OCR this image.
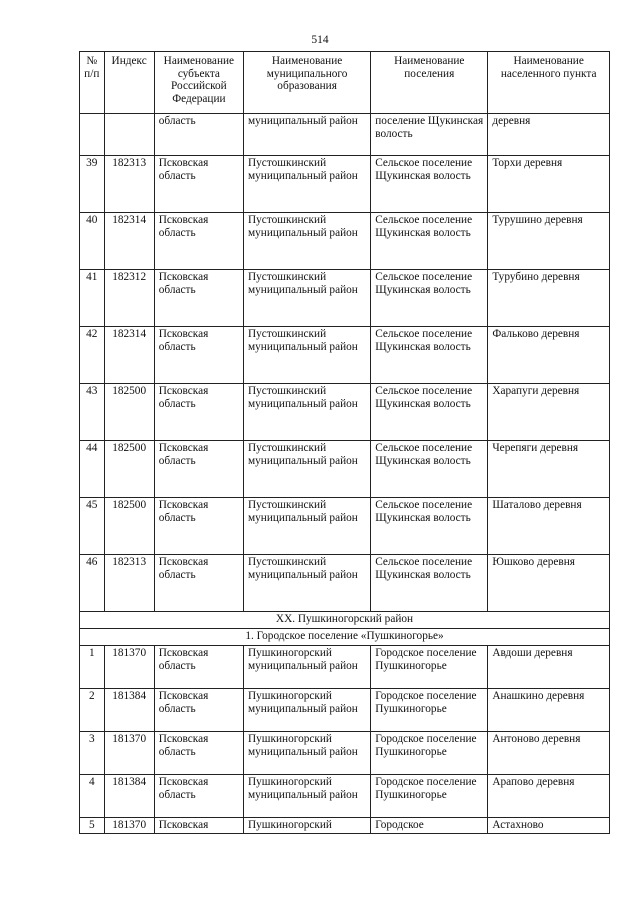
514
№ п/п	Индекс	Наименование субъекта Российской Федерации	Наименование муниципального образования	Наименование поселения	Наименование населенного пункта
		область	муниципальный район	поселение Щукинская волость	деревня
39	182313	Псковская область	Пустошкинский муниципальный район	Сельское поселение Щукинская волость	Торхи деревня
40	182314	Псковская область	Пустошкинский муниципальный район	Сельское поселение Щукинская волость	Турушино деревня
41	182312	Псковская область	Пустошкинский муниципальный район	Сельское поселение Щукинская волость	Турубино деревня
42	182314	Псковская область	Пустошкинский муниципальный район	Сельское поселение Щукинская волость	Фальково деревня
43	182500	Псковская область	Пустошкинский муниципальный район	Сельское поселение Щукинская волость	Харапуги деревня
44	182500	Псковская область	Пустошкинский муниципальный район	Сельское поселение Щукинская волость	Черепяги деревня
45	182500	Псковская область	Пустошкинский муниципальный район	Сельское поселение Щукинская волость	Шаталово деревня
46	182313	Псковская область	Пустошкинский муниципальный район	Сельское поселение Щукинская волость	Юшково деревня
XX. Пушкиногорский район					
1. Городское поселение «Пушкиногорье»					
1	181370	Псковская область	Пушкиногорский муниципальный район	Городское поселение Пушкиногорье	Авдоши деревня
2	181384	Псковская область	Пушкиногорский муниципальный район	Городское поселение Пушкиногорье	Анашкино деревня
3	181370	Псковская область	Пушкиногорский муниципальный район	Городское поселение Пушкиногорье	Антоново деревня
4	181384	Псковская область	Пушкиногорский муниципальный район	Городское поселение Пушкиногорье	Арапово деревня
5	181370	Псковская	Пушкиногорский	Городское	Астахново
